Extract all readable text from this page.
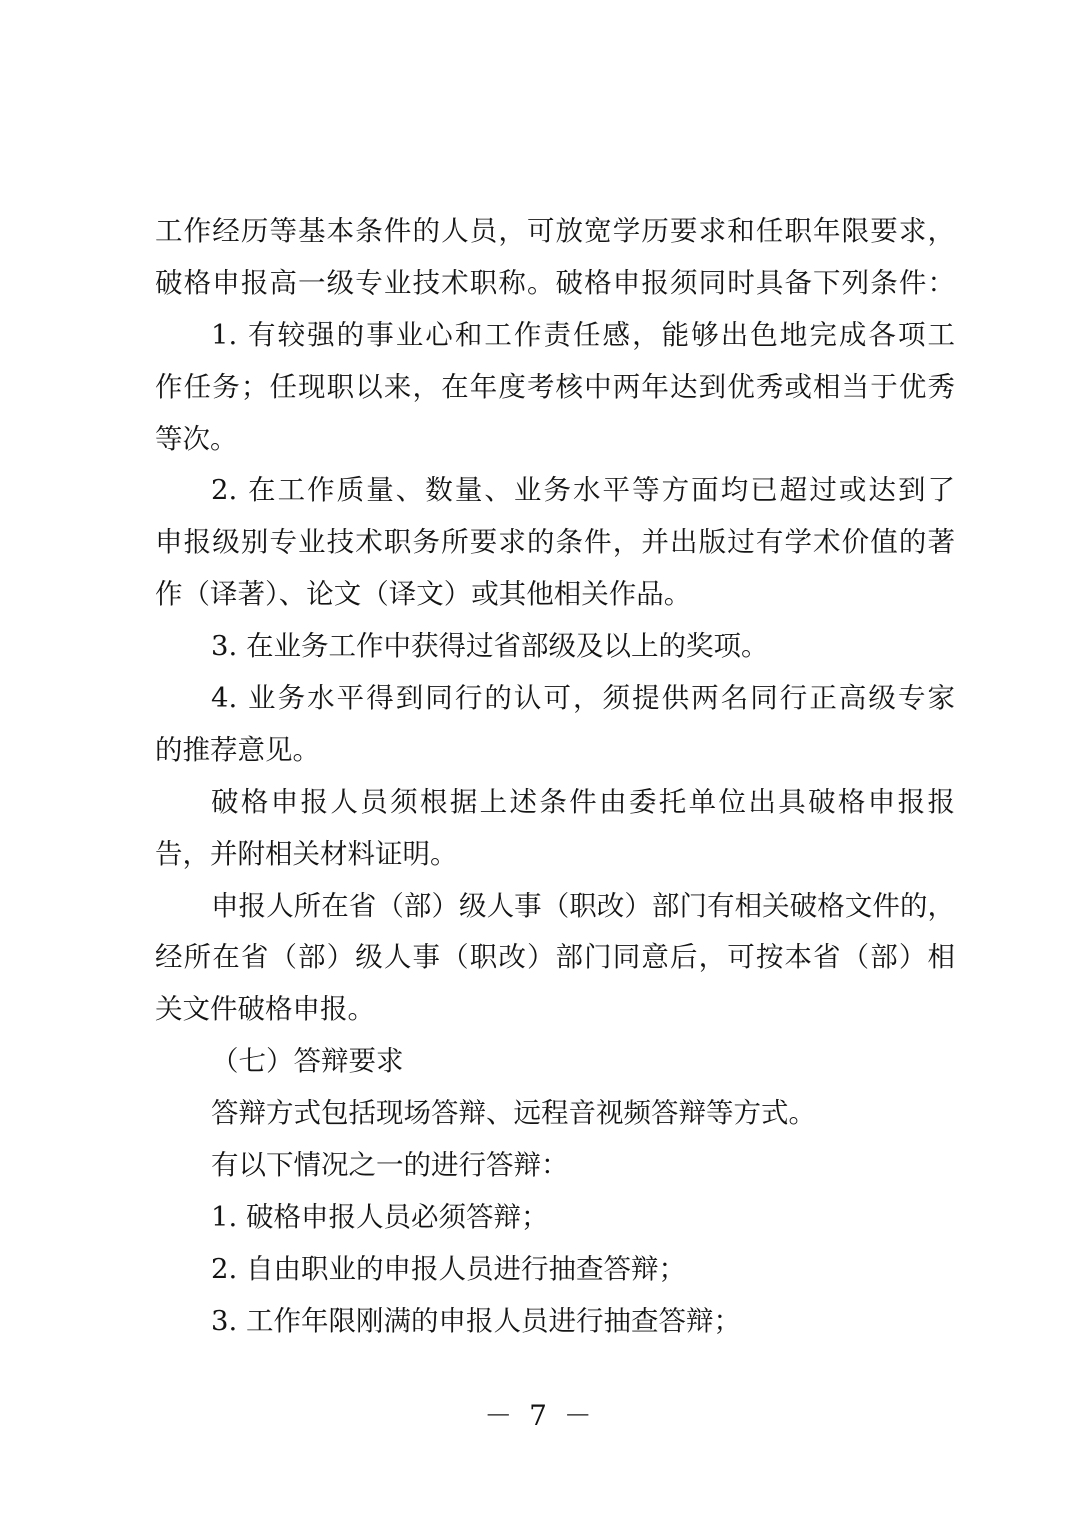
工作经历等基本条件的人员，可放宽学历要求和任职年限要求，
破格申报高一级专业技术职称。破格申报须同时具备下列条件：
1. 有较强的事业心和工作责任感，能够出色地完成各项工
作任务；任现职以来，在年度考核中两年达到优秀或相当于优秀
等次。
2. 在工作质量、数量、业务水平等方面均已超过或达到了
申报级别专业技术职务所要求的条件，并出版过有学术价值的著
作（译著）、论文（译文）或其他相关作品。
3. 在业务工作中获得过省部级及以上的奖项。
4. 业务水平得到同行的认可，须提供两名同行正高级专家
的推荐意见。
破格申报人员须根据上述条件由委托单位出具破格申报报
告，并附相关材料证明。
申报人所在省（部）级人事（职改）部门有相关破格文件的，
经所在省（部）级人事（职改）部门同意后，可按本省（部）相
关文件破格申报。
（七）答辩要求
答辩方式包括现场答辩、远程音视频答辩等方式。
有以下情况之一的进行答辩：
1. 破格申报人员必须答辩；
2. 自由职业的申报人员进行抽查答辩；
3. 工作年限刚满的申报人员进行抽查答辩；
－ 7 －
